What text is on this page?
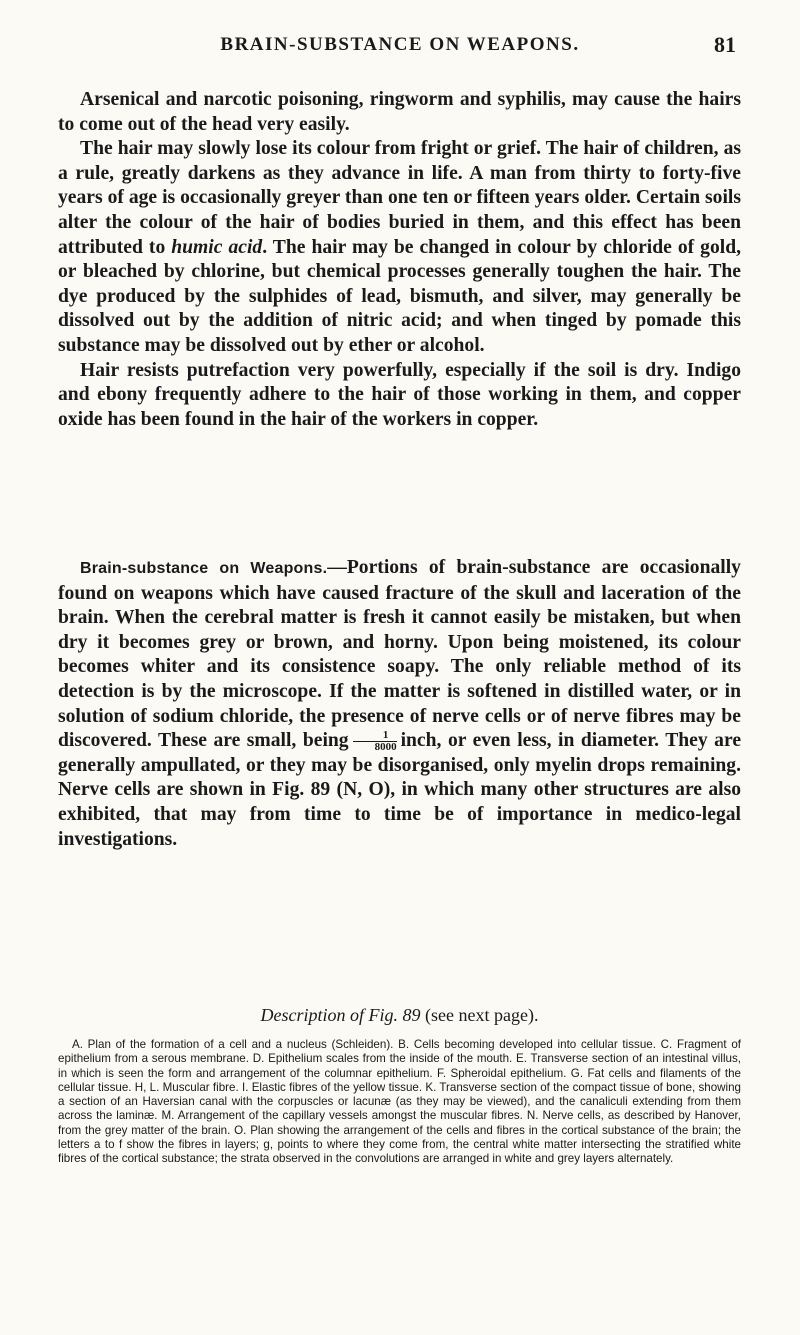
BRAIN-SUBSTANCE ON WEAPONS.	81

Arsenical and narcotic poisoning, ringworm and syphilis, may cause the hairs to come out of the head very easily.

The hair may slowly lose its colour from fright or grief. The hair of children, as a rule, greatly darkens as they advance in life. A man from thirty to forty-five years of age is occasionally greyer than one ten or fifteen years older. Certain soils alter the colour of the hair of bodies buried in them, and this effect has been attributed to humic acid. The hair may be changed in colour by chloride of gold, or bleached by chlorine, but chemical processes generally toughen the hair. The dye produced by the sulphides of lead, bismuth, and silver, may generally be dissolved out by the addition of nitric acid; and when tinged by pomade this substance may be dissolved out by ether or alcohol.

Hair resists putrefaction very powerfully, especially if the soil is dry. Indigo and ebony frequently adhere to the hair of those working in them, and copper oxide has been found in the hair of the workers in copper.

Brain-substance on Weapons.—Portions of brain-substance are occasionally found on weapons which have caused fracture of the skull and laceration of the brain. When the cerebral matter is fresh it cannot easily be mistaken, but when dry it becomes grey or brown, and horny. Upon being moistened, its colour becomes whiter and its consistence soapy. The only reliable method of its detection is by the microscope. If the matter is softened in distilled water, or in solution of sodium chloride, the presence of nerve cells or of nerve fibres may be discovered. These are small, being $\frac{1}{8000}$ inch, or even less, in diameter. They are generally ampullated, or they may be disorganised, only myelin drops remaining. Nerve cells are shown in Fig. 89 (N, O), in which many other structures are also exhibited, that may from time to time be of importance in medico-legal investigations.

Description of Fig. 89 (see next page).

A. Plan of the formation of a cell and a nucleus (Schleiden). B. Cells becoming developed into cellular tissue. C. Fragment of epithelium from a serous membrane. D. Epithelium scales from the inside of the mouth. E. Transverse section of an intestinal villus, in which is seen the form and arrangement of the columnar epithelium. F. Spheroidal epithelium. G. Fat cells and filaments of the cellular tissue. H, L. Muscular fibre. I. Elastic fibres of the yellow tissue. K. Transverse section of the compact tissue of bone, showing a section of an Haversian canal with the corpuscles or lacunæ (as they may be viewed), and the canaliculi extending from them across the laminæ. M. Arrangement of the capillary vessels amongst the muscular fibres. N. Nerve cells, as described by Hanover, from the grey matter of the brain. O. Plan showing the arrangement of the cells and fibres in the cortical substance of the brain; the letters a to f show the fibres in layers; g, points to where they come from, the central white matter intersecting the stratified white fibres of the cortical substance; the strata observed in the convolutions are arranged in white and grey layers alternately.
